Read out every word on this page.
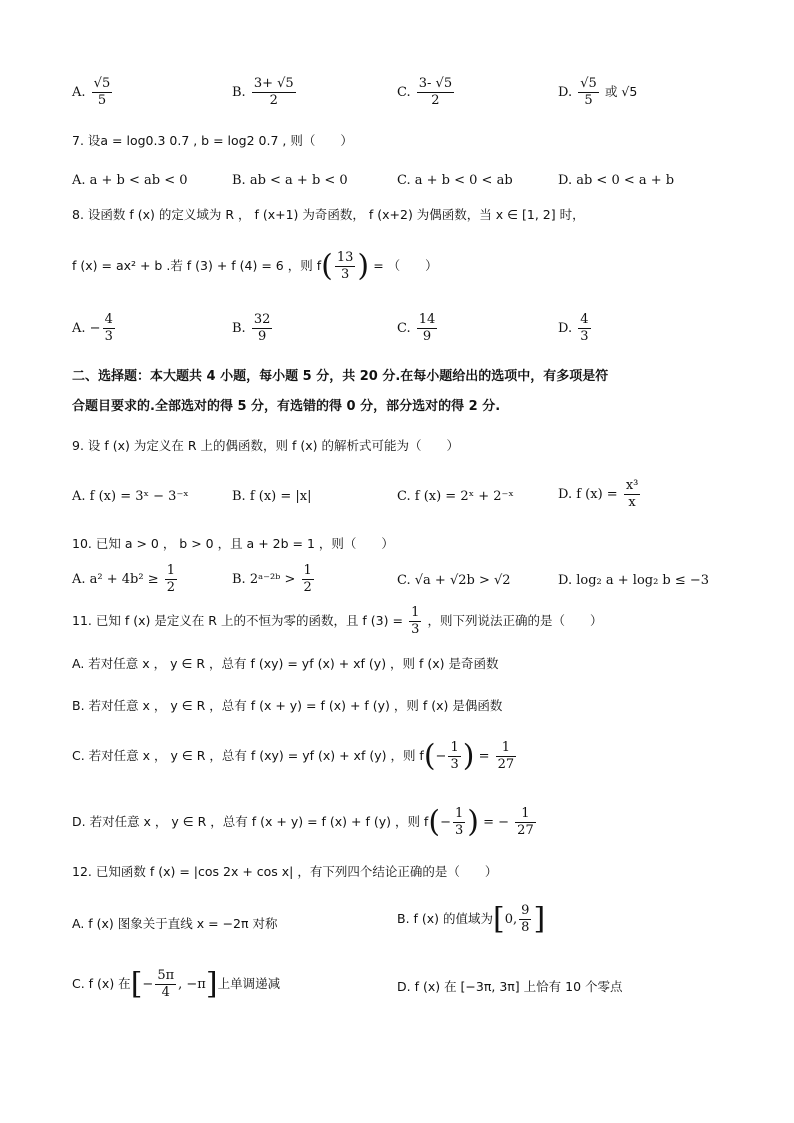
A. $\frac{√5}{5}$	B. $\frac{3+ √5}{2}$	C. $\frac{3- √5}{2}$	D. $\frac{√5}{5}$ 或 √5
7. 设a = log0.3 0.7 , b = log2 0.7 , 则（　　）
A. a + b < ab < 0	B. ab < a + b < 0	C. a + b < 0 < ab	D. ab < 0 < a + b
8. 设函数 f (x) 的定义域为 R ， f (x+1) 为奇函数， f (x+2) 为偶函数，当 x ∈ [1, 2] 时，
f (x) = ax² + b .若 f (3) + f (4) = 6 ，则 $f( \frac{13}{3}$ ) = （　　）
A. − $\frac{4}{3}$	B. $\frac{32}{9}$	C. $\frac{14}{9}$	D. $\frac{4}{3}$
二、选择题：本大题共 4 小题，每小题 5 分，共 20 分.在每小题给出的选项中，有多项是符
合题目要求的.全部选对的得 5 分，有选错的得 0 分，部分选对的得 2 分.
9. 设 f (x) 为定义在 R 上的偶函数，则 f (x) 的解析式可能为（　　）
A. f (x) = 3ˣ − 3⁻ˣ	B. f (x) = |x|	C. f (x) = 2ˣ + 2⁻ˣ	D. f $(x) = \frac{\text{x³}}{x}$
10. 已知 a > 0 ， b > 0 ，且 a + 2b = 1 ，则（　　）
A. $a^2 + 4b^2 \ge \frac{1}{2}$	B. 2ᵃ⁻²ᵇ > $\frac{1}{2}$	C. √a + √2b > √2	D. log₂ a + log₂ b ≤ −3
11. 已知 f (x) 是定义在 R 上的不恒为零的函数，且 f $(3) = \frac{1}{3}$ ，则下列说法正确的是（　　）
A. 若对任意 x ， y ∈ R ，总有 f (xy) = yf (x) + xf (y) ，则 f (x) 是奇函数
B. 若对任意 x ， y ∈ R ，总有 f (x + y) = f (x) + f (y) ，则 f (x) 是偶函数
C. 若对任意 x ， y ∈ R ，总有 f (xy) = yf (x) + xf (y) ，则 $f(- \frac{1}{3}$ ) = $\frac{1}{27}$
D. 若对任意 x ， y ∈ R ，总有 f (x + y) = f (x) + f (y) ，则 $f(- \frac{1}{3}$ ) = − $\frac{1}{27}$
12. 已知函数 f (x) = |cos 2x + cos x| ，有下列四个结论正确的是（　　）
A. f (x) 图象关于直线 x = −2π 对称	B. f (x) 的值域为[0, $\frac{9}{8}$ ]
C. f (x) 在[− $\frac{5\pi}{4}$ , −π]上单调递减	D. f (x) 在 [−3π, 3π] 上恰有 10 个零点
